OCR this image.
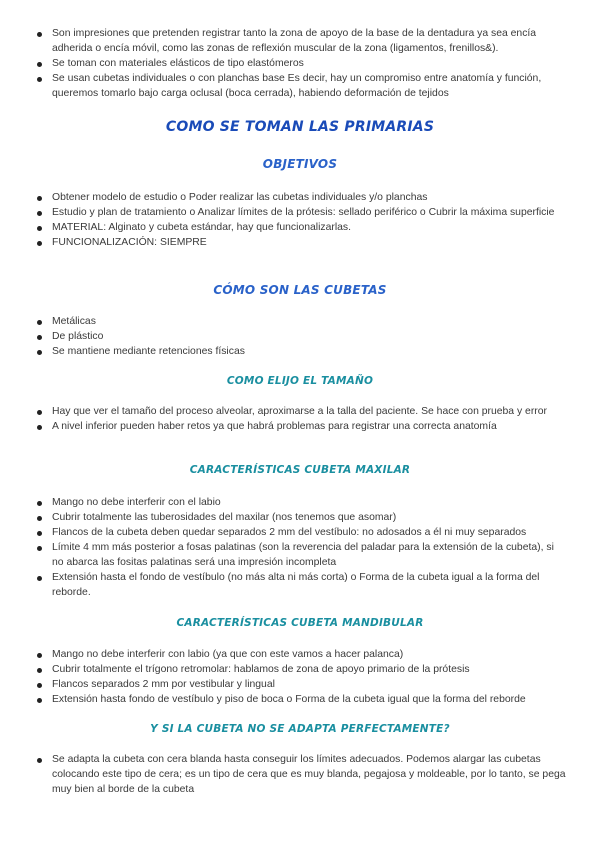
Son impresiones que pretenden registrar tanto la zona de apoyo de la base de la dentadura ya sea encía adherida o encía móvil, como las zonas de reflexión muscular de la zona (ligamentos, frenillos&).
Se toman con materiales elásticos de tipo elastómeros
Se usan cubetas individuales o con planchas base Es decir, hay un compromiso entre anatomía y función, queremos tomarlo bajo carga oclusal (boca cerrada), habiendo deformación de tejidos
COMO SE TOMAN LAS PRIMARIAS
OBJETIVOS
Obtener modelo de estudio o Poder realizar las cubetas individuales y/o planchas
Estudio y plan de tratamiento o Analizar límites de la prótesis: sellado periférico o Cubrir la máxima superficie
MATERIAL: Alginato y cubeta estándar, hay que funcionalizarlas.
FUNCIONALIZACIÓN: SIEMPRE
CÓMO SON LAS CUBETAS
Metálicas
De plástico
Se mantiene mediante retenciones físicas
COMO ELIJO EL TAMAÑO
Hay que ver el tamaño del proceso alveolar, aproximarse a la talla del paciente. Se hace con prueba y error
A nivel inferior pueden haber retos ya que habrá problemas para registrar una correcta anatomía
CARACTERÍSTICAS CUBETA MAXILAR
Mango no debe interferir con el labio
Cubrir totalmente las tuberosidades del maxilar (nos tenemos que asomar)
Flancos de la cubeta deben quedar separados 2 mm del vestíbulo: no adosados a él ni muy separados
Límite 4 mm más posterior a fosas palatinas (son la reverencia del paladar para la extensión de la cubeta), si no abarca las fositas palatinas será una impresión incompleta
Extensión hasta el fondo de vestíbulo (no más alta ni más corta) o Forma de la cubeta igual a la forma del reborde.
CARACTERÍSTICAS CUBETA MANDIBULAR
Mango no debe interferir con labio (ya que con este vamos a hacer palanca)
Cubrir totalmente el trígono retromolar: hablamos de zona de apoyo primario de la prótesis
Flancos separados 2 mm por vestibular y lingual
Extensión hasta fondo de vestíbulo y piso de boca o Forma de la cubeta igual que la forma del reborde
Y SI LA CUBETA NO SE ADAPTA PERFECTAMENTE?
Se adapta la cubeta con cera blanda hasta conseguir los límites adecuados. Podemos alargar las cubetas colocando este tipo de cera; es un tipo de cera que es muy blanda, pegajosa y moldeable, por lo tanto, se pega muy bien al borde de la cubeta
